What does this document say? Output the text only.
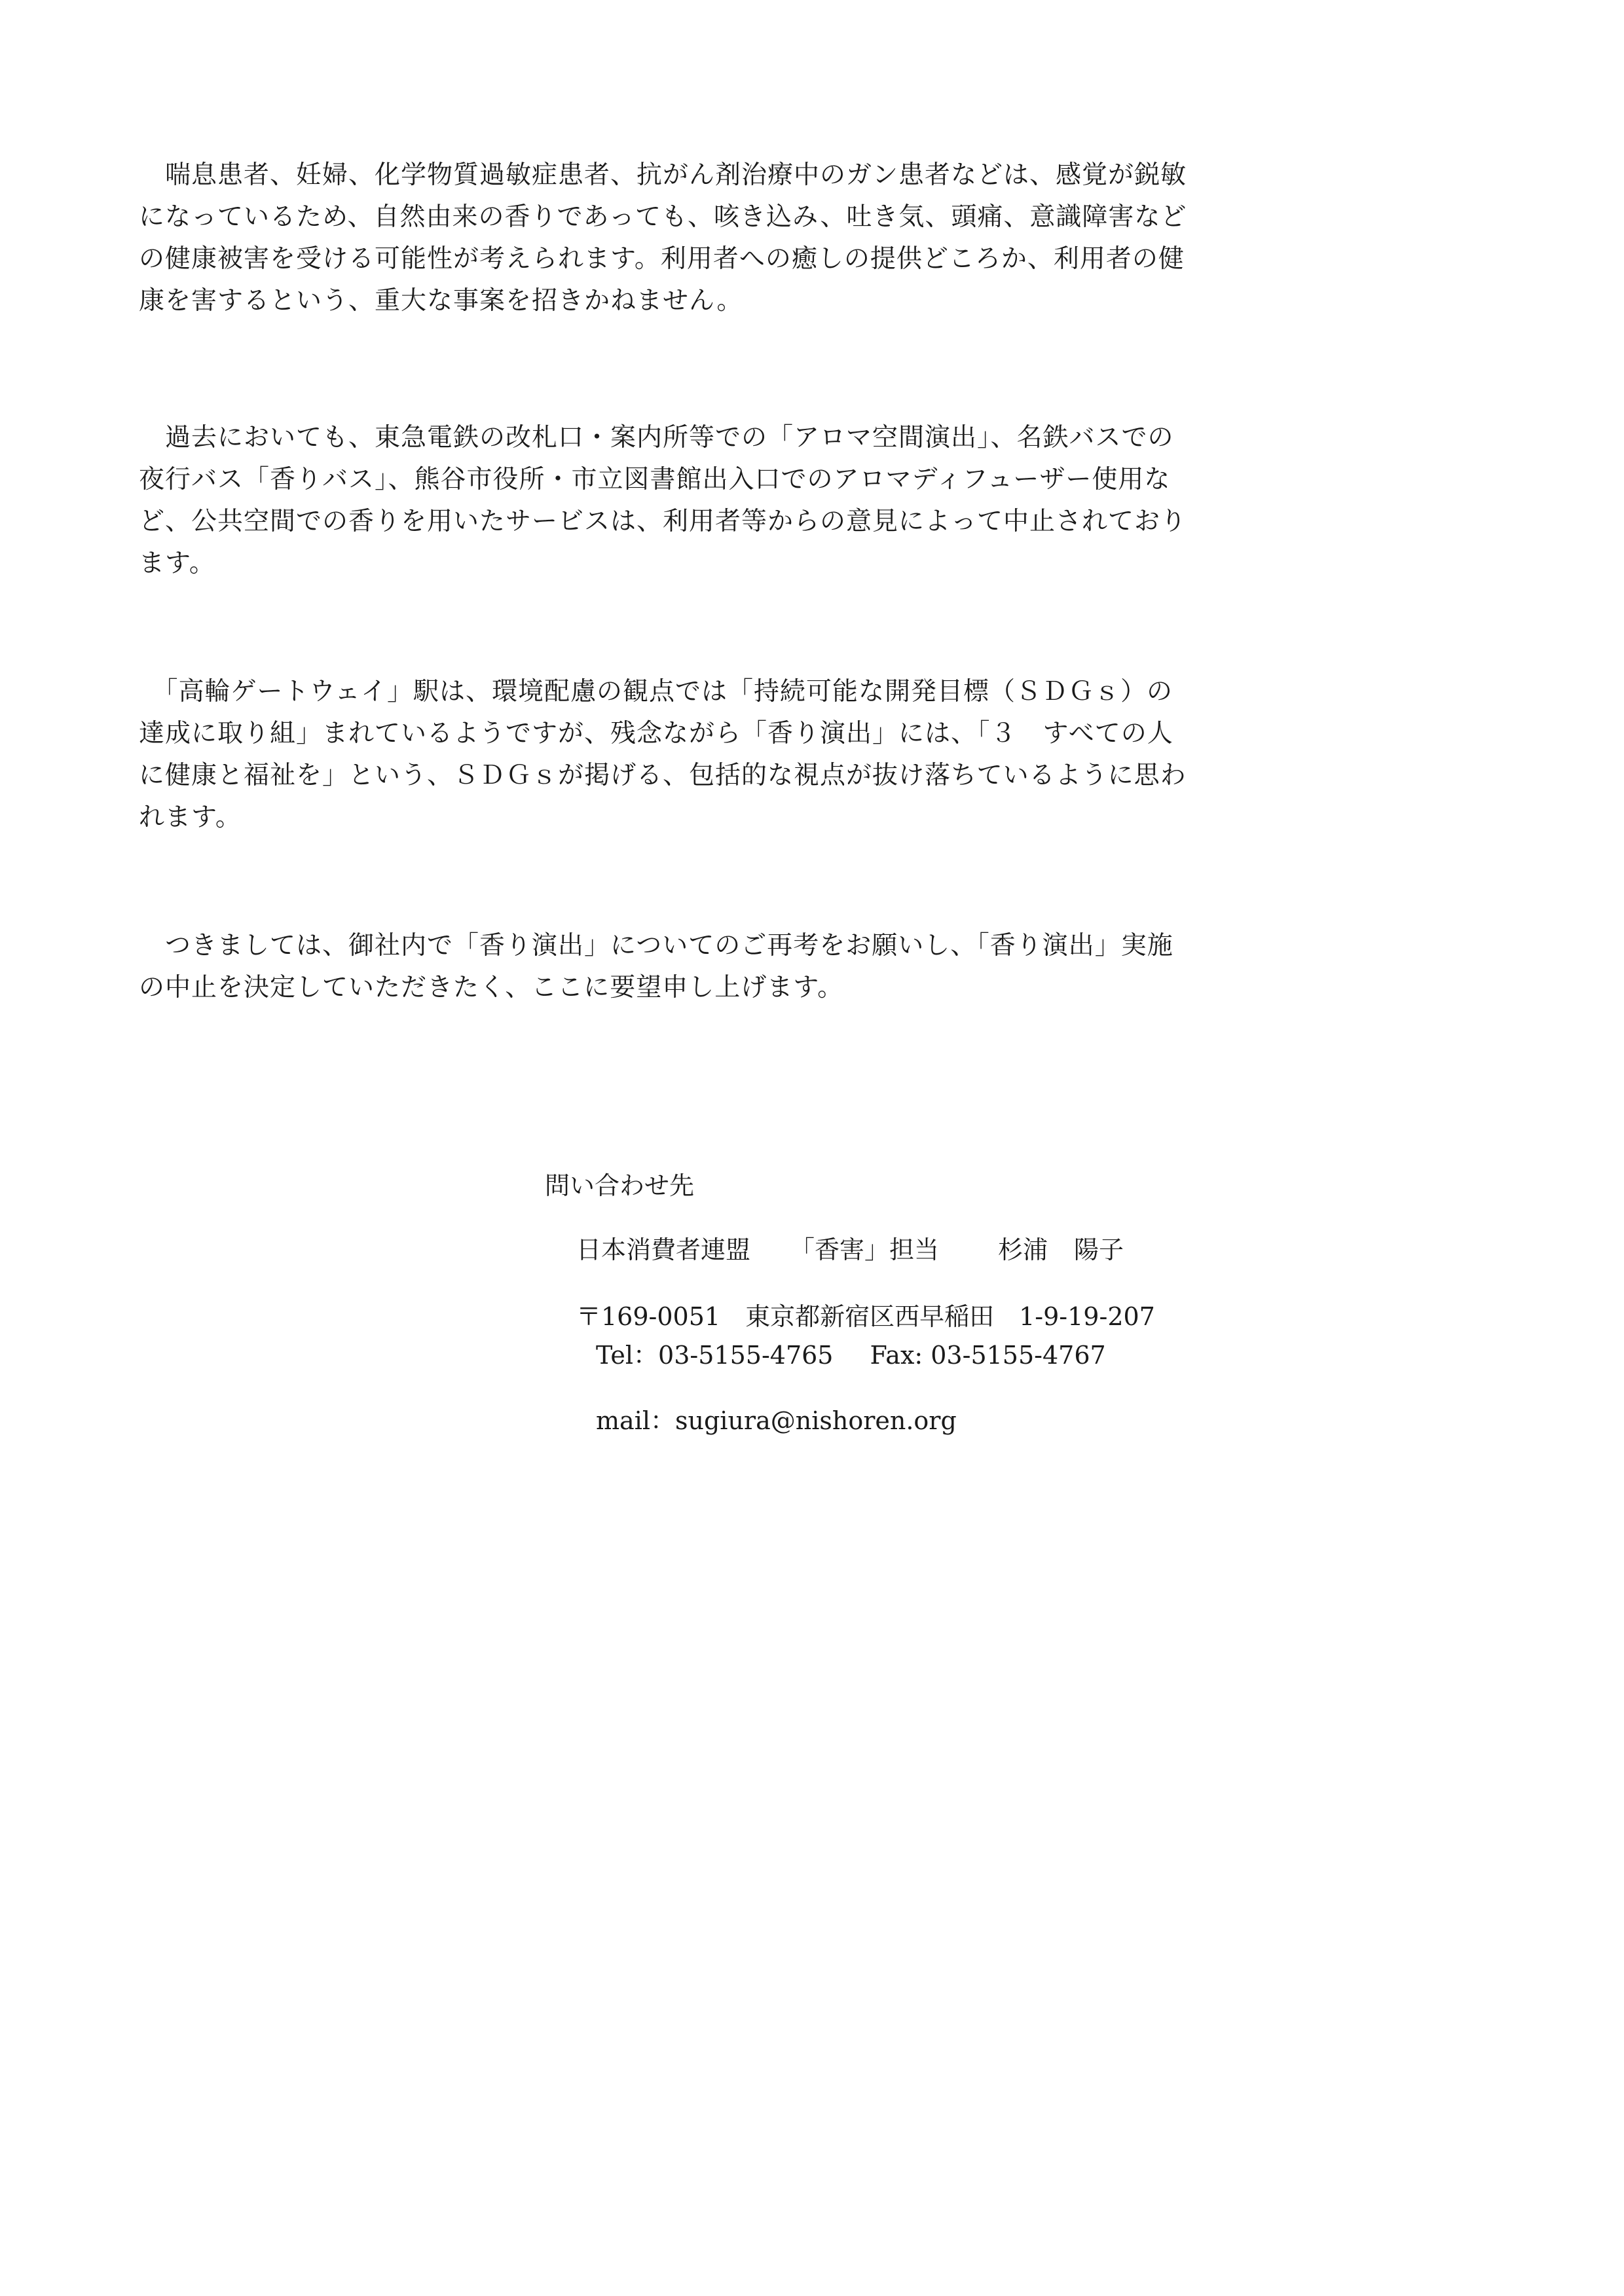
　喘息患者、妊婦、化学物質過敏症患者、抗がん剤治療中のガン患者などは、感覚が鋭敏
になっているため、自然由来の香りであっても、咳き込み、吐き気、頭痛、意識障害など
の健康被害を受ける可能性が考えられます。利用者への癒しの提供どころか、利用者の健
康を害するという、重大な事案を招きかねません。

　過去においても、東急電鉄の改札口・案内所等での「アロマ空間演出」、名鉄バスでの
夜行バス「香りバス」、熊谷市役所・市立図書館出入口でのアロマディフューザー使用な
ど、公共空間での香りを用いたサービスは、利用者等からの意見によって中止されており
ます。

　「高輪ゲートウェイ」駅は、環境配慮の観点では「持続可能な開発目標（ＳＤＧｓ）の
達成に取り組」まれているようですが、残念ながら「香り演出」には、「３　すべての人
に健康と福祉を」という、ＳＤＧｓが掲げる、包括的な視点が抜け落ちているように思わ
れます。

　つきましては、御社内で「香り演出」についてのご再考をお願いし、「香り演出」実施
の中止を決定していただきたく、ここに要望申し上げます。

問い合わせ先
日本消費者連盟 「香害」担当 杉浦 陽子
〒169-0051 東京都新宿区西早稲田 1-9-19-207
Tel：03-5155-4765 Fax: 03-5155-4767
mail：sugiura@nishoren.org
